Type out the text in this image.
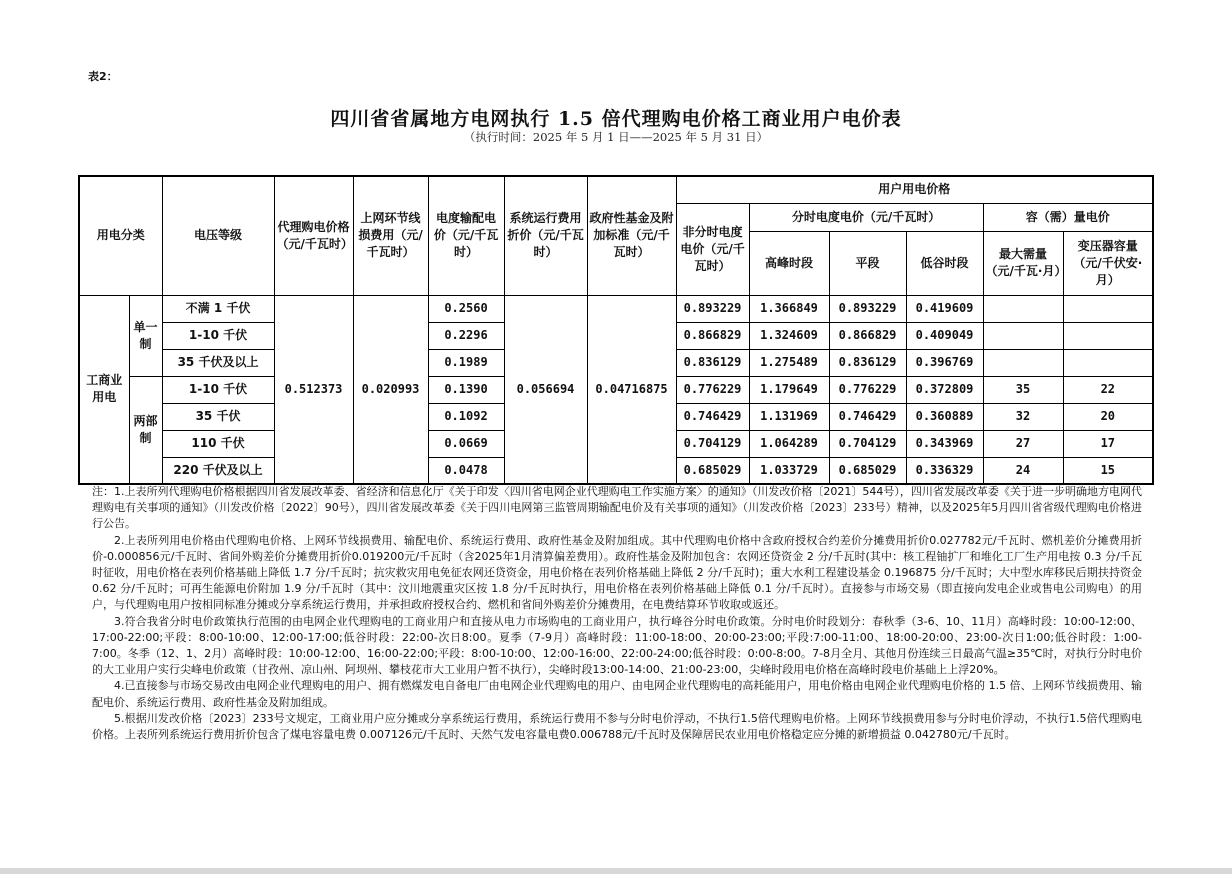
表2：
四川省省属地方电网执行 1.5 倍代理购电价格工商业用户电价表
（执行时间：2025 年 5 月 1 日——2025 年 5 月 31 日）
用电分类		电压等级	代理购电价格（元/千瓦时）	上网环节线损费用（元/千瓦时）	电度输配电价（元/千瓦时）	系统运行费用折价（元/千瓦时）	政府性基金及附加标准（元/千瓦时）	用户用电价格					
								非分时电度电价（元/千瓦时）	分时电度电价（元/千瓦时）			容（需）量电价	
									高峰时段	平段	低谷时段	最大需量（元/千瓦·月）	变压器容量（元/千伏安·月）
工商业用电	单一制	不满 1 千伏	0.512373	0.020993	0.2560	0.056694	0.04716875	0.893229	1.366849	0.893229	0.419609		
		1-10 千伏			0.2296			0.866829	1.324609	0.866829	0.409049		
		35 千伏及以上			0.1989			0.836129	1.275489	0.836129	0.396769		
	两部制	1-10 千伏			0.1390			0.776229	1.179649	0.776229	0.372809	35	22
		35 千伏			0.1092			0.746429	1.131969	0.746429	0.360889	32	20
		110 千伏			0.0669			0.704129	1.064289	0.704129	0.343969	27	17
		220 千伏及以上			0.0478			0.685029	1.033729	0.685029	0.336329	24	15

注：1.上表所列代理购电价格根据四川省发展改革委、省经济和信息化厅《关于印发〈四川省电网企业代理购电工作实施方案〉的通知》（川发改价格〔2021〕544号），四川省发展改革委《关于进一步明确地方电网代理购电有关事项的通知》（川发改价格〔2022〕90号），四川省发展改革委《关于四川电网第三监管周期输配电价及有关事项的通知》（川发改价格〔2023〕233号）精神，以及2025年5月四川省省级代理购电价格进行公告。

2.上表所列用电价格由代理购电价格、上网环节线损费用、输配电价、系统运行费用、政府性基金及附加组成。其中代理购电价格中含政府授权合约差价分摊费用折价0.027782元/千瓦时、燃机差价分摊费用折价-0.000856元/千瓦时、省间外购差价分摊费用折价0.019200元/千瓦时（含2025年1月清算偏差费用）。政府性基金及附加包含：农网还贷资金 2 分/千瓦时(其中：核工程铀扩厂和堆化工厂生产用电按 0.3 分/千瓦时征收，用电价格在表列价格基础上降低 1.7 分/千瓦时；抗灾救灾用电免征农网还贷资金，用电价格在表列价格基础上降低 2 分/千瓦时)；重大水利工程建设基金 0.196875 分/千瓦时；大中型水库移民后期扶持资金 0.62 分/千瓦时；可再生能源电价附加 1.9 分/千瓦时（其中：汶川地震重灾区按 1.8 分/千瓦时执行，用电价格在表列价格基础上降低 0.1 分/千瓦时）。直接参与市场交易（即直接向发电企业或售电公司购电）的用户，与代理购电用户按相同标准分摊或分享系统运行费用，并承担政府授权合约、燃机和省间外购差价分摊费用，在电费结算环节收取或返还。

3.符合我省分时电价政策执行范围的由电网企业代理购电的工商业用户和直接从电力市场购电的工商业用户，执行峰谷分时电价政策。分时电价时段划分：春秋季（3-6、10、11月）高峰时段：10:00-12:00、17:00-22:00;平段：8:00-10:00、12:00-17:00;低谷时段：22:00-次日8:00。夏季（7-9月）高峰时段：11:00-18:00、20:00-23:00;平段:7:00-11:00、18:00-20:00、23:00-次日1:00;低谷时段：1:00-7:00。冬季（12、1、2月）高峰时段：10:00-12:00、16:00-22:00;平段：8:00-10:00、12:00-16:00、22:00-24:00;低谷时段：0:00-8:00。7-8月全月、其他月份连续三日最高气温≥35℃时，对执行分时电价的大工业用户实行尖峰电价政策（甘孜州、凉山州、阿坝州、攀枝花市大工业用户暂不执行），尖峰时段13:00-14:00、21:00-23:00，尖峰时段用电价格在高峰时段电价基础上上浮20%。

4.已直接参与市场交易改由电网企业代理购电的用户、拥有燃煤发电自备电厂由电网企业代理购电的用户、由电网企业代理购电的高耗能用户，用电价格由电网企业代理购电价格的 1.5 倍、上网环节线损费用、输配电价、系统运行费用、政府性基金及附加组成。

5.根据川发改价格〔2023〕233号文规定，工商业用户应分摊或分享系统运行费用，系统运行费用不参与分时电价浮动，不执行1.5倍代理购电价格。上网环节线损费用参与分时电价浮动，不执行1.5倍代理购电价格。上表所列系统运行费用折价包含了煤电容量电费 0.007126元/千瓦时、天然气发电容量电费0.006788元/千瓦时及保障居民农业用电价格稳定应分摊的新增损益 0.042780元/千瓦时。
